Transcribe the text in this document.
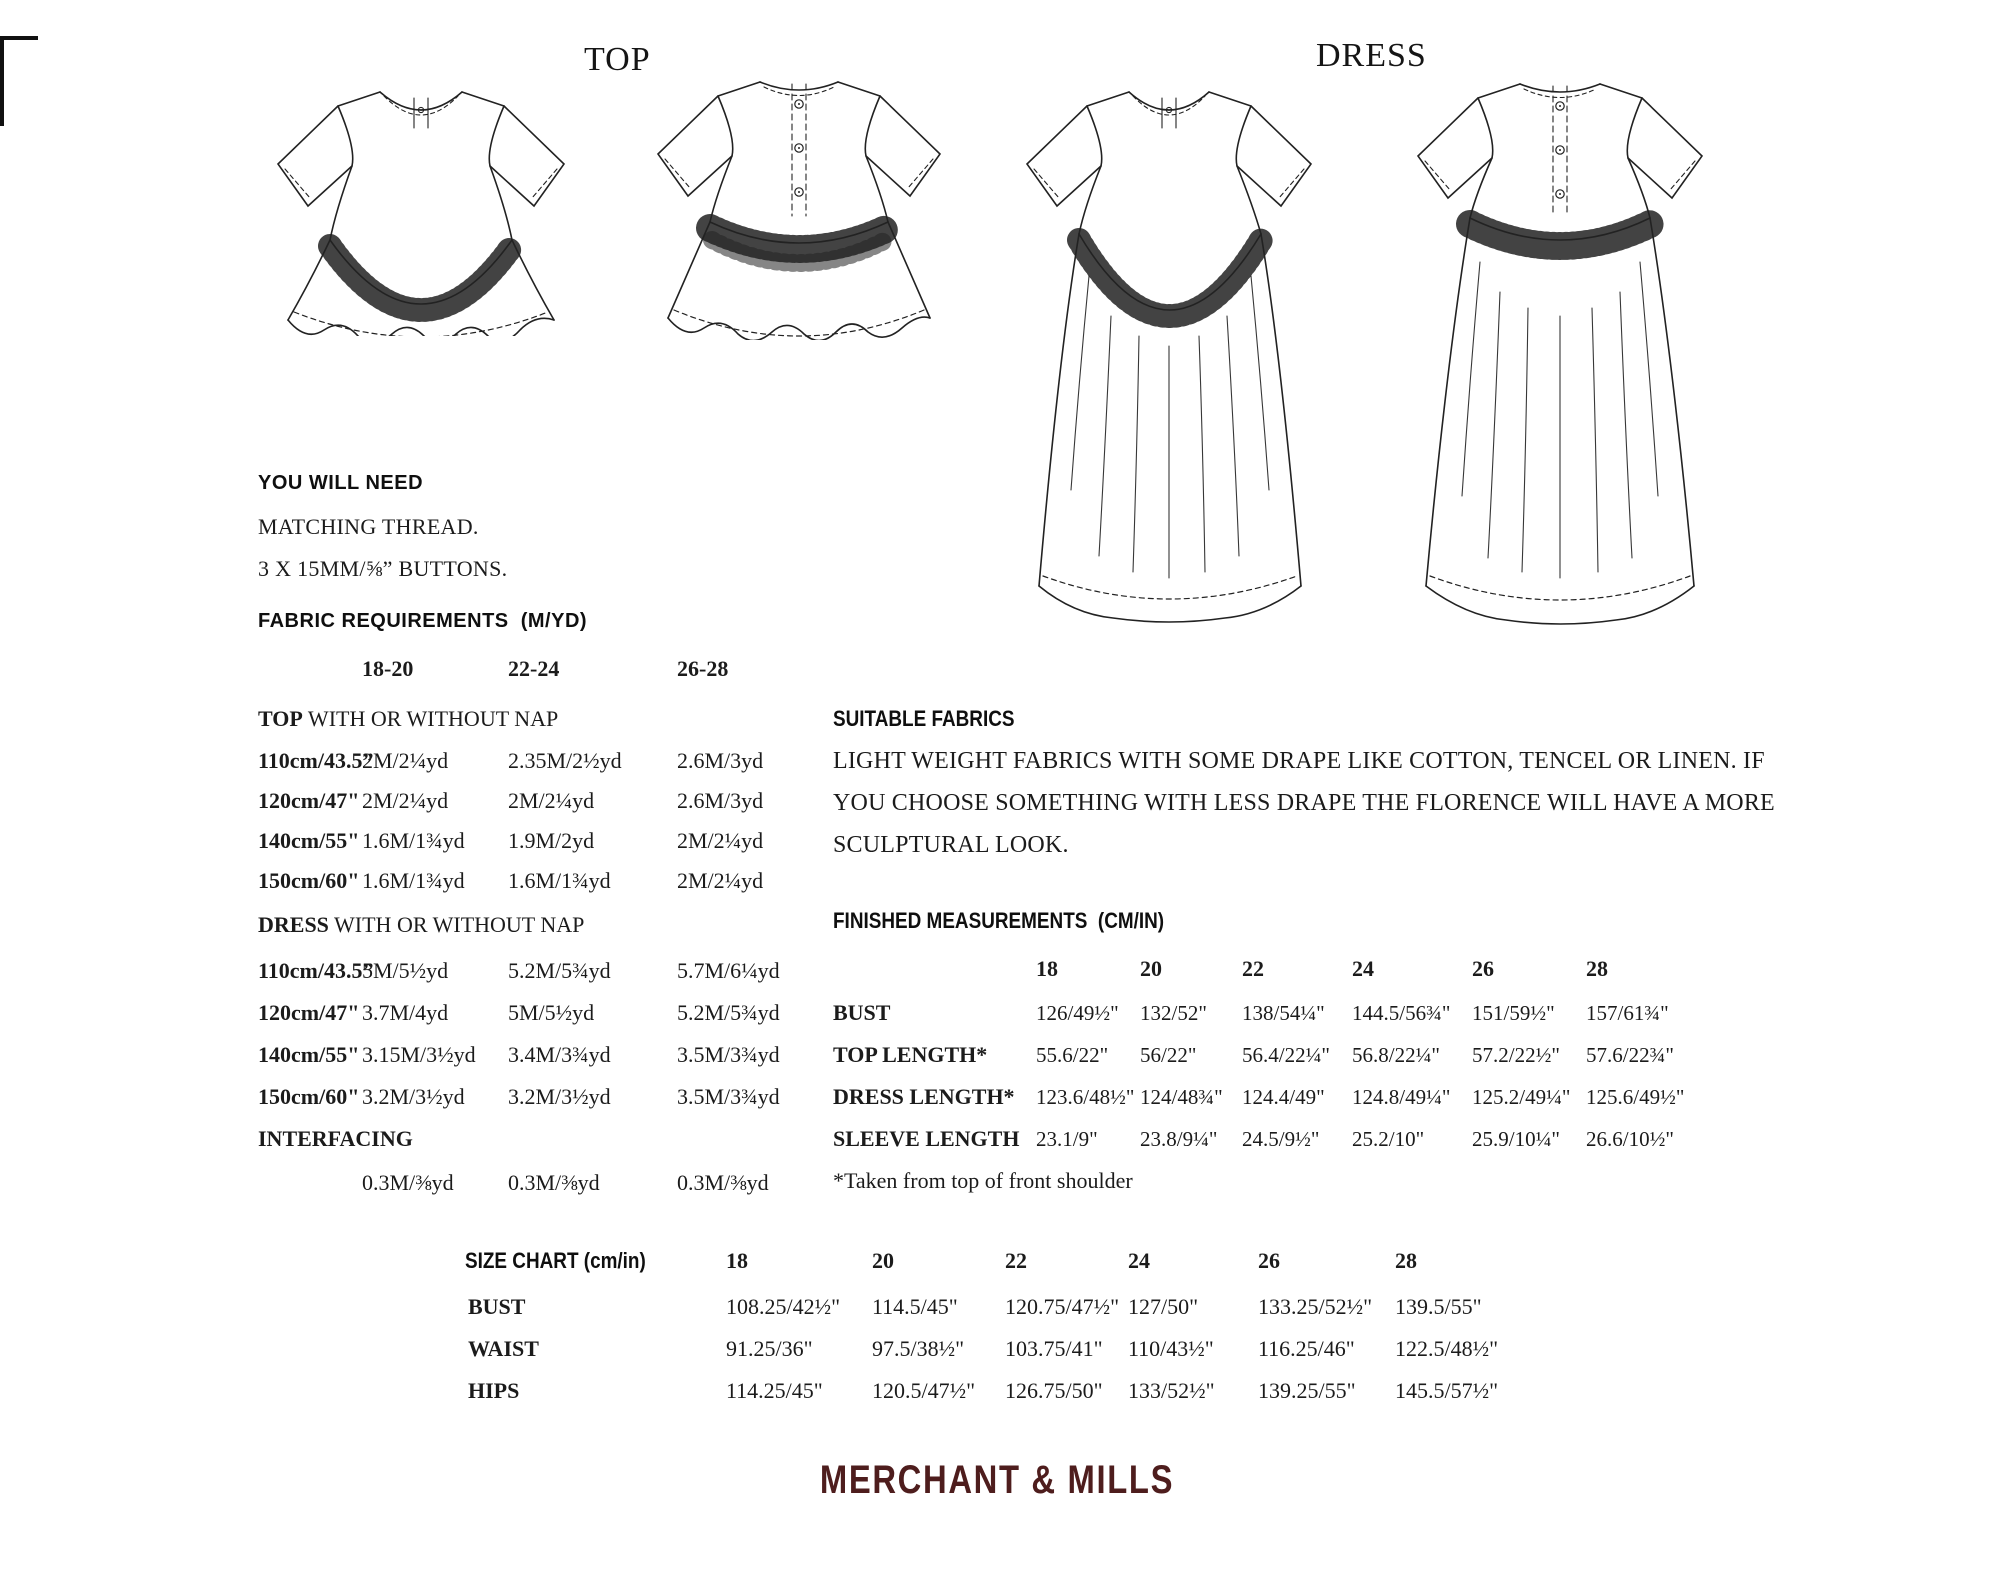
TOP	DRESS
YOU WILL NEED
MATCHING THREAD.
3 X 15MM/⅝” BUTTONS.
FABRIC REQUIREMENTS  (M/YD)
18-20	22-24	26-28
TOP WITH OR WITHOUT NAP
110cm/43.5”
2M/2¼yd	2.35M/2½yd	2.6M/3yd
120cm/47" 2M/2¼yd	2M/2¼yd	2.6M/3yd
140cm/55" 1.6M/1¾yd 1.9M/2yd	2M/2¼yd
150cm/60" 1.6M/1¾yd 1.6M/1¾yd	2M/2¼yd
DRESS WITH OR WITHOUT NAP
110cm/43.5”
5M/5½yd	5.2M/5¾yd	5.7M/6¼yd
120cm/47" 3.7M/4yd	5M/5½yd	5.2M/5¾yd
140cm/55" 3.15M/3½yd 3.4M/3¾yd	3.5M/3¾yd
150cm/60" 3.2M/3½yd 3.2M/3½yd	3.5M/3¾yd
INTERFACING
0.3M/⅜yd 0.3M/⅜yd	0.3M/⅜yd
SUITABLE FABRICS
LIGHT WEIGHT FABRICS WITH SOME DRAPE LIKE COTTON, TENCEL OR LINEN. IF
YOU CHOOSE SOMETHING WITH LESS DRAPE THE FLORENCE WILL HAVE A MORE
SCULPTURAL LOOK.
FINISHED MEASUREMENTS  (CM/IN)
18	20	22	24	26	28
BUST	126/49½" 132/52" 138/54¼" 144.5/56¾" 151/59½" 157/61¾"
TOP LENGTH* 55.6/22" 56/22" 56.4/22¼" 56.8/22¼" 57.2/22½" 57.6/22¾"
DRESS LENGTH* 123.6/48½" 124/48¾" 124.4/49" 124.8/49¼" 125.2/49¼" 125.6/49½"
SLEEVE LENGTH 23.1/9" 23.8/9¼" 24.5/9½" 25.2/10" 25.9/10¼" 26.6/10½"
*Taken from top of front shoulder
SIZE CHART (cm/in)	18	20	22	24	26	28
BUST	108.25/42½" 114.5/45" 120.75/47½" 127/50"	133.25/52½" 139.5/55"
WAIST	91.25/36"	97.5/38½" 103.75/41" 110/43½" 116.25/46" 122.5/48½"
HIPS	114.25/45" 120.5/47½" 126.75/50" 133/52½" 139.25/55" 145.5/57½"
MERCHANT & MILLS
